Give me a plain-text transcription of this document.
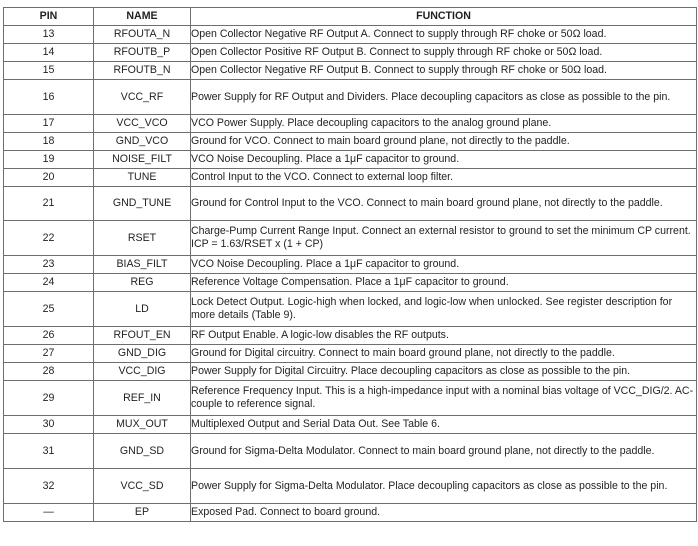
PIN	NAME	FUNCTION
13	RFOUTA_N	Open Collector Negative RF Output A. Connect to supply through RF choke or 50Ω load.
14	RFOUTB_P	Open Collector Positive RF Output B. Connect to supply through RF choke or 50Ω load.
15	RFOUTB_N	Open Collector Negative RF Output B. Connect to supply through RF choke or 50Ω load.
16	VCC_RF	Power Supply for RF Output and Dividers. Place decoupling capacitors as close as possible to the pin.
17	VCC_VCO	VCO Power Supply. Place decoupling capacitors to the analog ground plane.
18	GND_VCO	Ground for VCO. Connect to main board ground plane, not directly to the paddle.
19	NOISE_FILT	VCO Noise Decoupling. Place a 1μF capacitor to ground.
20	TUNE	Control Input to the VCO. Connect to external loop filter.
21	GND_TUNE	Ground for Control Input to the VCO. Connect to main board ground plane, not directly to the paddle.
22	RSET	Charge-Pump Current Range Input. Connect an external resistor to ground to set the minimum CP current. ICP = 1.63/RSET x (1 + CP)
23	BIAS_FILT	VCO Noise Decoupling. Place a 1μF capacitor to ground.
24	REG	Reference Voltage Compensation. Place a 1μF capacitor to ground.
25	LD	Lock Detect Output. Logic-high when locked, and logic-low when unlocked. See register description for more details (Table 9).
26	RFOUT_EN	RF Output Enable. A logic-low disables the RF outputs.
27	GND_DIG	Ground for Digital circuitry. Connect to main board ground plane, not directly to the paddle.
28	VCC_DIG	Power Supply for Digital Circuitry. Place decoupling capacitors as close as possible to the pin.
29	REF_IN	Reference Frequency Input. This is a high-impedance input with a nominal bias voltage of VCC_DIG/2. AC-couple to reference signal.
30	MUX_OUT	Multiplexed Output and Serial Data Out. See Table 6.
31	GND_SD	Ground for Sigma-Delta Modulator. Connect to main board ground plane, not directly to the paddle.
32	VCC_SD	Power Supply for Sigma-Delta Modulator. Place decoupling capacitors as close as possible to the pin.
—	EP	Exposed Pad. Connect to board ground.
